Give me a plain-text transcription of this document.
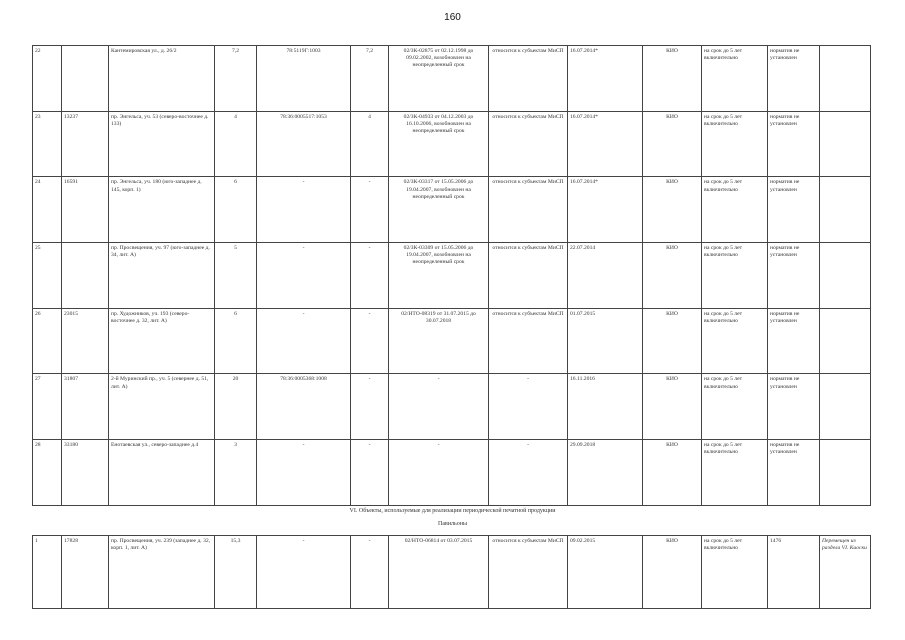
160
22		Кантемировская ул., д. 26/2	7,2	78:5119Г:1003	7,2	02/ЗК-02875 от 02.12.1998 до 09.02.2002, возобновлен на неопределенный срок	относится к субъектам МиСП	16.07.2014*	КИО	на срок до 5 лет включительно	норматив не установлен	
23	13237	пр. Энгельса, уч. 53 (северо-восточнее д. 133)	4	78:36:0005517:1053	4	02/ЗК-04933 от 04.12.2003 до 16.10.2006, возобновлен на неопределенный срок	относится к субъектам МиСП	16.07.2014*	КИО	на срок до 5 лет включительно	норматив не установлен	
24	16591	пр. Энгельса, уч. 180 (юго-западнее д. 145, корп. 1)	6	-	-	02/ЗК-03317 от 15.05.2006 до 19.04.2007, возобновлен на неопределенный срок	относится к субъектам МиСП	16.07.2014*	КИО	на срок до 5 лет включительно	норматив не установлен	
25		пр. Просвещения, уч. 97 (юго-западнее д. 34, лит. А)	5	-	-	02/ЗК-03309 от 15.05.2006 до 19.04.2007, возобновлен на неопределенный срок	относится к субъектам МиСП	22.07.2014	КИО	на срок до 5 лет включительно	норматив не установлен	
26	23015	пр. Художников, уч. 193 (северо-восточнее д. 32, лит. А)	6	-	-	02/НТО-08319 от 31.07.2015 до 30.07.2018	относится к субъектам МиСП	01.07.2015	КИО	на срок до 5 лет включительно	норматив не установлен	
27	31807	2-й Муринский пр., уч. 5 (севернее д. 51, лит. А)	20	78:36:0005368:1008	-	-	-	16.11.2016	КИО	на срок до 5 лет включительно	норматив не установлен	
28	33180	Енотаевская ул., северо-западнее д.4	3	-	-	-	-	29.09.2018	КИО	на срок до 5 лет включительно	норматив не установлен	
VI. Объекты, используемые для реализации периодической печатной продукции
Павильоны
1	17828	пр. Просвещения, уч. 239 (западнее д. 32, корп. 1, лит. А)	15,3	-	-	02/НТО-06814 от 03.07.2015	относится к субъектам МиСП	09.02.2015	КИО	на срок до 5 лет включительно	1476	Перемещен из раздела VI. Киоски
